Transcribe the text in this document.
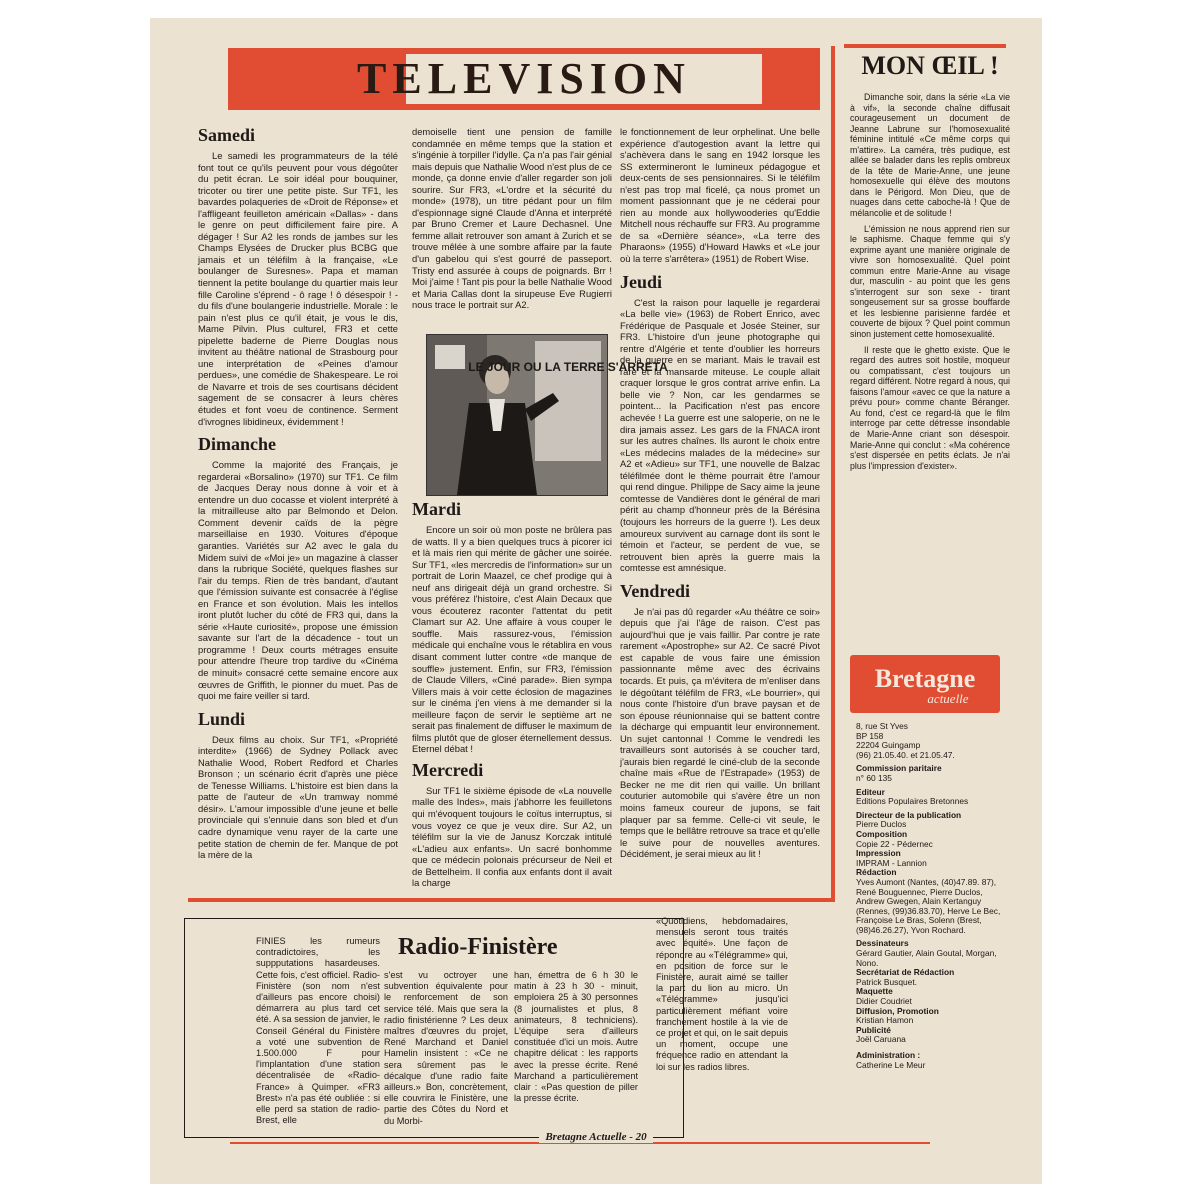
TELEVISION
Samedi

Le samedi les programmateurs de la télé font tout ce qu'ils peuvent pour vous dégoûter du petit écran. Le soir idéal pour bouquiner, tricoter ou tirer une petite piste. Sur TF1, les bavardes polaqueries de «Droit de Réponse» et l'affligeant feuilleton américain «Dallas» - dans le genre on peut difficilement faire pire. A dégager ! Sur A2 les ronds de jambes sur les Champs Elysées de Drucker plus BCBG que jamais et un téléfilm à la française, «Le boulanger de Suresnes». Papa et maman tiennent la petite boulange du quartier mais leur fille Caroline s'éprend - ô rage ! ô désespoir ! - du fils d'une boulangerie industrielle. Morale : le pain n'est plus ce qu'il était, je vous le dis, Mame Pilvin. Plus culturel, FR3 et cette pipelette baderne de Pierre Douglas nous invitent au théâtre national de Strasbourg pour une interprétation de «Peines d'amour perdues», une comédie de Shakespeare. Le roi de Navarre et trois de ses courtisans décident sagement de se consacrer à leurs chères études et font voeu de continence. Serment d'ivrognes libidineux, évidemment !

Dimanche

Comme la majorité des Français, je regarderai «Borsalino» (1970) sur TF1. Ce film de Jacques Deray nous donne à voir et à entendre un duo cocasse et violent interprété à la mitrailleuse alto par Belmondo et Delon. Comment devenir caïds de la pègre marseillaise en 1930. Voitures d'époque garanties. Variétés sur A2 avec le gala du Midem suivi de «Moi je» un magazine à classer dans la rubrique Société, quelques flashes sur l'air du temps. Rien de très bandant, d'autant que l'émission suivante est consacrée à l'église en France et son évolution. Mais les intellos iront plutôt lucher du côté de FR3 qui, dans la série «Haute curiosité», propose une émission savante sur l'art de la décadence - tout un programme ! Deux courts métrages ensuite pour attendre l'heure trop tardive du «Cinéma de minuit» consacré cette semaine encore aux œuvres de Griffith, le pionner du muet. Pas de quoi me faire veiller si tard.

Lundi

Deux films au choix. Sur TF1, «Propriété interdite» (1966) de Sydney Pollack avec Nathalie Wood, Robert Redford et Charles Bronson ; un scénario écrit d'après une pièce de Tenesse Williams. L'histoire est bien dans la patte de l'auteur de «Un tramway nommé désir». L'amour impossible d'une jeune et belle provinciale qui s'ennuie dans son bled et d'un cadre dynamique venu rayer de la carte une petite station de chemin de fer. Manque de pot la mère de la

demoiselle tient une pension de famille condamnée en même temps que la station et s'ingénie à torpiller l'idylle. Ça n'a pas l'air génial mais depuis que Nathalie Wood n'est plus de ce monde, ça donne envie d'aller regarder son joli sourire. Sur FR3, «L'ordre et la sécurité du monde» (1978), un titre pédant pour un film d'espionnage signé Claude d'Anna et interprété par Bruno Cremer et Laure Dechasnel. Une femme allait retrouver son amant à Zurich et se trouve mêlée à une sombre affaire par la faute d'un gabelou qui s'est gourré de passeport. Tristy end assurée à coups de poignards. Brr ! Moi j'aime ! Tant pis pour la belle Nathalie Wood et Maria Callas dont la sirupeuse Eve Rugierri nous trace le portrait sur A2.

LE JOUR OU LA TERRE S'ARRETA
Mardi

Encore un soir où mon poste ne brûlera pas de watts. Il y a bien quelques trucs à picorer ici et là mais rien qui mérite de gâcher une soirée. Sur TF1, «les mercredis de l'information» sur un portrait de Lorin Maazel, ce chef prodige qui à neuf ans dirigeait déjà un grand orchestre. Si vous préférez l'histoire, c'est Alain Decaux que vous écouterez raconter l'attentat du petit Clamart sur A2. Une affaire à vous couper le souffle. Mais rassurez-vous, l'émission médicale qui enchaîne vous le rétablira en vous disant comment lutter contre «de manque de souffle» justement. Enfin, sur FR3, l'émission de Claude Villers, «Ciné parade». Bien sympa Villers mais à voir cette éclosion de magazines sur le cinéma j'en viens à me demander si la meilleure façon de servir le septième art ne serait pas finalement de diffuser le maximum de films plutôt que de gloser éternellement dessus. Eternel débat !

Mercredi

Sur TF1 le sixième épisode de «La nouvelle malle des Indes», mais j'abhorre les feuilletons qui m'évoquent toujours le coïtus interruptus, si vous voyez ce que je veux dire. Sur A2, un téléfilm sur la vie de Janusz Korczak intitulé «L'adieu aux enfants». Un sacré bonhomme que ce médecin polonais précurseur de Neil et de Bettelheim. Il confia aux enfants dont il avait la charge

le fonctionnement de leur orphelinat. Une belle expérience d'autogestion avant la lettre qui s'achèvera dans le sang en 1942 lorsque les SS extermineront le lumineux pédagogue et deux-cents de ses pensionnaires. Si le téléfilm n'est pas trop mal ficelé, ça nous promet un moment passionnant que je ne céderai pour rien au monde aux hollywooderies qu'Eddie Mitchell nous réchauffe sur FR3. Au programme de sa «Dernière séance», «La terre des Pharaons» (1955) d'Howard Hawks et «Le jour où la terre s'arrêtera» (1951) de Robert Wise.

Jeudi

C'est la raison pour laquelle je regarderai «La belle vie» (1963) de Robert Enrico, avec Frédérique de Pasquale et Josée Steiner, sur FR3. L'histoire d'un jeune photographe qui rentre d'Algérie et tente d'oublier les horreurs de la guerre en se mariant. Mais le travail est rare et la mansarde miteuse. Le couple allait craquer lorsque le gros contrat arrive enfin. La belle vie ? Non, car les gendarmes se pointent... la Pacification n'est pas encore achevée ! La guerre est une saloperie, on ne le dira jamais assez. Les gars de la FNACA iront sur les autres chaînes. Ils auront le choix entre «Les médecins malades de la médecine» sur A2 et «Adieu» sur TF1, une nouvelle de Balzac téléfilmée dont le thème pourrait être l'amour qui rend dingue. Philippe de Sacy aime la jeune comtesse de Vandières dont le général de mari périt au champ d'honneur près de la Bérésina (toujours les horreurs de la guerre !). Les deux amoureux survivent au carnage dont ils sont le témoin et l'acteur, se perdent de vue, se retrouvent bien après la guerre mais la comtesse est amnésique.

Vendredi

Je n'ai pas dû regarder «Au théâtre ce soir» depuis que j'ai l'âge de raison. C'est pas aujourd'hui que je vais faillir. Par contre je rate rarement «Apostrophe» sur A2. Ce sacré Pivot est capable de vous faire une émission passionnante même avec des écrivains tocards. Et puis, ça m'évitera de m'enliser dans le dégoûtant téléfilm de FR3, «Le bourrier», qui nous conte l'histoire d'un brave paysan et de son épouse réunionnaise qui se battent contre la décharge qui empuantit leur environnement. Un sujet cantonnal ! Comme le vendredi les travailleurs sont autorisés à se coucher tard, j'aurais bien regardé le ciné-club de la seconde chaîne mais «Rue de l'Estrapade» (1953) de Becker ne me dit rien qui vaille. Un brillant couturier automobile qui s'avère être un non moins fameux coureur de jupons, se fait plaquer par sa femme. Celle-ci vit seule, le temps que le bellâtre retrouve sa trace et qu'elle le suive pour de nouvelles aventures. Décidément, je serai mieux au lit !

MON ŒIL !

Dimanche soir, dans la série «La vie à vif», la seconde chaîne diffusait courageusement un document de Jeanne Labrune sur l'homosexualité féminine intitulé «Ce même corps qui m'attire». La caméra, très pudique, est allée se balader dans les replis ombreux de la tête de Marie-Anne, une jeune homosexuelle qui élève des moutons dans le Périgord. Mon Dieu, que de nuages dans cette caboche-là ! Que de mélancolie et de solitude !

L'émission ne nous apprend rien sur le saphisme. Chaque femme qui s'y exprime ayant une manière originale de vivre son homosexualité. Quel point commun entre Marie-Anne au visage dur, masculin - au point que les gens s'interrogent sur son sexe - tirant songeusement sur sa grosse bouffarde et les lesbienne parisienne fardée et couverte de bijoux ? Quel point commun sinon justement cette homosexualité.

Il reste que le ghetto existe. Que le regard des autres soit hostile, moqueur ou compatissant, c'est toujours un regard différent. Notre regard à nous, qui faisons l'amour «avec ce que la nature a prévu pour» comme chante Béranger. Au fond, c'est ce regard-là que le film interroge par cette détresse insondable de Marie-Anne criant son désespoir. Marie-Anne qui conclut : «Ma cohérence s'est dispersée en petits éclats. Je n'ai plus l'impression d'exister».

Bretagne
actuelle
8, rue St Yves
BP 158
22204 Guingamp
(96) 21.05.40. et 21.05.47.
Commission paritaire
n° 60 135
Editeur
Editions Populaires Bretonnes
Directeur de la publication
Pierre Duclos
Composition
Copie 22 - Pédernec
Impression
IMPRAM - Lannion
Rédaction
Yves Aumont (Nantes, (40)47.89. 87), René Bouguennec, Pierre Duclos, Andrew Gwegen, Alain Kertanguy (Rennes, (99)36.83.70), Herve Le Bec, Françoise Le Bras, Solenn (Brest, (98)46.26.27), Yvon Rochard.
Dessinateurs
Gérard Gautier, Alain Goutal, Morgan, Nono.
Secrétariat de Rédaction
Patrick Busquet.
Maquette
Didier Coudriet
Diffusion, Promotion
Kristian Hamon
Publicité
Joël Caruana
Administration :
Catherine Le Meur
Radio-Finistère

FINIES les rumeurs contradictoires, les suppputations hasardeuses. Cette fois, c'est officiel. Radio-Finistère (son nom n'est d'ailleurs pas encore choisi) démarrera au plus tard cet été. A sa session de janvier, le Conseil Général du Finistère a voté une subvention de 1.500.000 F pour l'implantation d'une station décentralisée de «Radio-France» à Quimper. «FR3 Brest» n'a pas été oubliée : si elle perd sa station de radio-Brest, elle

s'est vu octroyer une subvention équivalente pour le renforcement de son service télé. Mais que sera la radio finistérienne ? Les deux maîtres d'œuvres du projet, René Marchand et Daniel Hamelin insistent : «Ce ne sera sûrement pas le décalque d'une radio faite ailleurs.» Bon, concrètement, elle couvrira le Finistère, une partie des Côtes du Nord et du Morbi-

han, émettra de 6 h 30 le matin à 23 h 30 - minuit, emploiera 25 à 30 personnes (8 journalistes et plus, 8 animateurs, 8 techniciens). L'équipe sera d'ailleurs constituée d'ici un mois. Autre chapitre délicat : les rapports avec la presse écrite. René Marchand a particulièrement clair : «Pas question de piller la presse écrite.

«Quotidiens, hebdomadaires, mensuels seront tous traités avec équité». Une façon de répondre au «Télégramme» qui, en position de force sur le Finistère, aurait aimé se tailler la part du lion au micro. Un «Télégramme» jusqu'ici particulièrement méfiant voire franchement hostile à la vie de ce projet et qui, on le sait depuis un moment, occupe une fréquence radio en attendant la loi sur les radios libres.

Bretagne Actuelle - 20
